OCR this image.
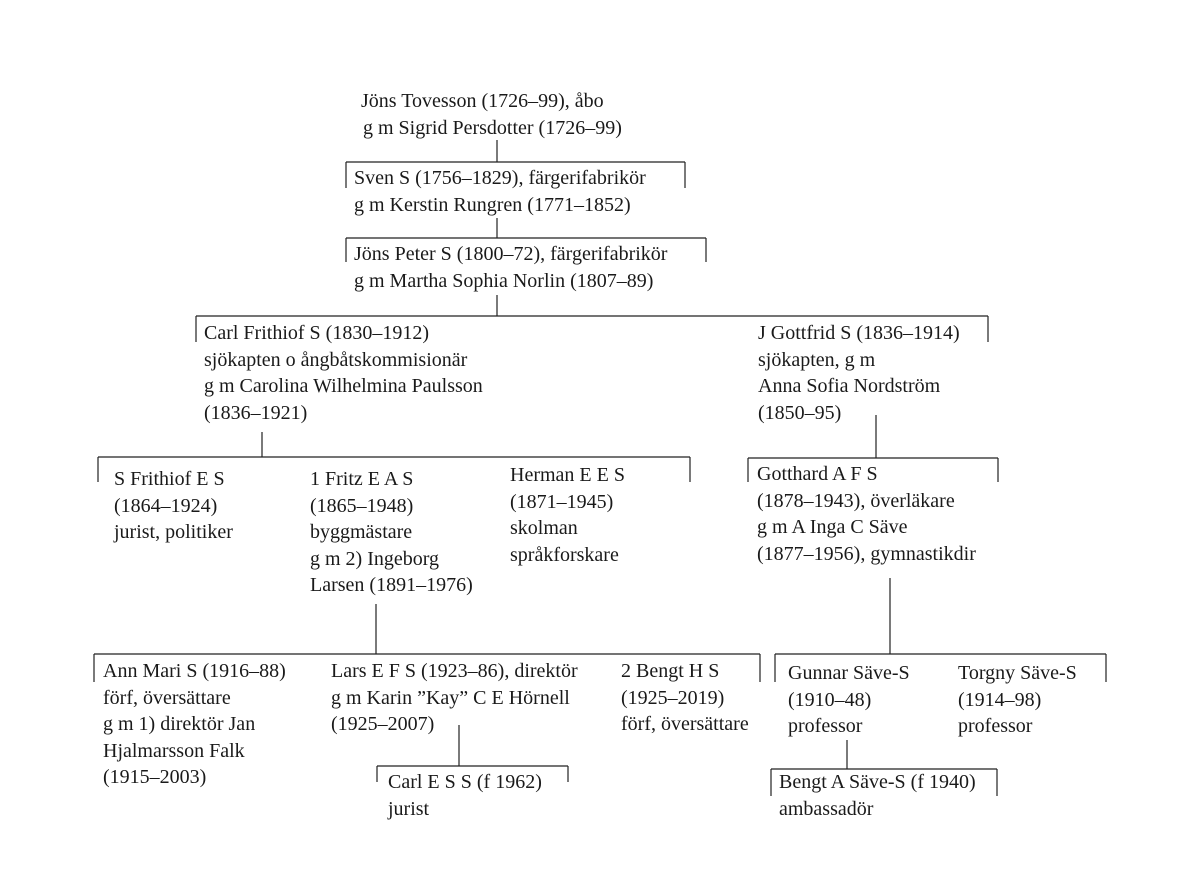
Jöns Tovesson (1726–99), åbo
g m Sigrid Persdotter (1726–99)
Sven S (1756–1829), färgerifabrikör
g m Kerstin Rungren (1771–1852)
Jöns Peter S (1800–72), färgerifabrikör
g m Martha Sophia Norlin (1807–89)
Carl Frithiof S (1830–1912)
sjökapten o ångbåtskommisionär
g m Carolina Wilhelmina Paulsson
(1836–1921)
J Gottfrid S (1836–1914)
sjökapten, g m
Anna Sofia Nordström
(1850–95)
S Frithiof E S
(1864–1924)
jurist, politiker
1 Fritz E A S
(1865–1948)
byggmästare
g m 2) Ingeborg
Larsen (1891–1976)
Herman E E S
(1871–1945)
skolman
språkforskare
Gotthard A F S
(1878–1943), överläkare
g m A Inga C Säve
(1877–1956), gymnastikdir
Ann Mari S (1916–88)
förf, översättare
g m 1) direktör Jan
Hjalmarsson Falk
(1915–2003)
Lars E F S (1923–86), direktör
g m Karin ”Kay” C E Hörnell
(1925–2007)
2 Bengt H S
(1925–2019)
förf, översättare
Gunnar Säve-S
(1910–48)
professor
Torgny Säve-S
(1914–98)
professor
Carl E S S (f 1962)
jurist
Bengt A Säve-S (f 1940)
ambassadör
